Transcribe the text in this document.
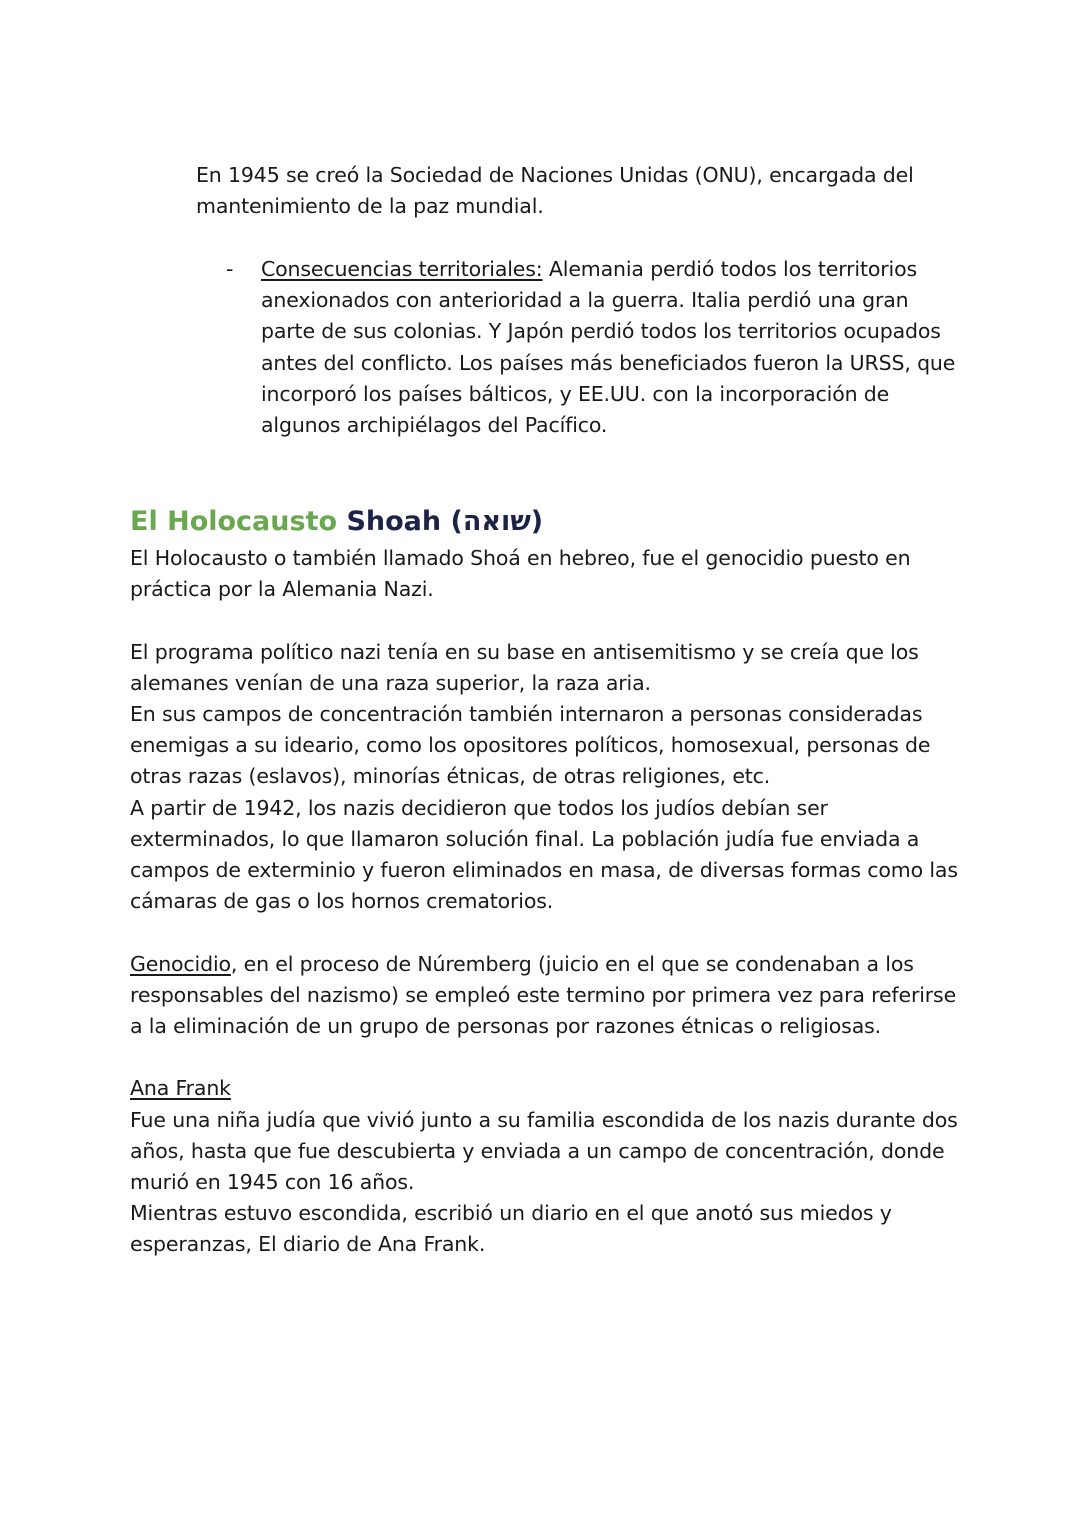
En 1945 se creó la Sociedad de Naciones Unidas (ONU), encargada del mantenimiento de la paz mundial.

- Consecuencias territoriales: Alemania perdió todos los territorios anexionados con anterioridad a la guerra. Italia perdió una gran parte de sus colonias. Y Japón perdió todos los territorios ocupados antes del conflicto. Los países más beneficiados fueron la URSS, que incorporó los países bálticos, y EE.UU. con la incorporación de algunos archipiélagos del Pacífico.

El Holocausto Shoah (שואה)

El Holocausto o también llamado Shoá en hebreo, fue el genocidio puesto en práctica por la Alemania Nazi.

El programa político nazi tenía en su base en antisemitismo y se creía que los alemanes venían de una raza superior, la raza aria.

En sus campos de concentración también internaron a personas consideradas enemigas a su ideario, como los opositores políticos, homosexual, personas de otras razas (eslavos), minorías étnicas, de otras religiones, etc.

A partir de 1942, los nazis decidieron que todos los judíos debían ser exterminados, lo que llamaron solución final. La población judía fue enviada a campos de exterminio y fueron eliminados en masa, de diversas formas como las cámaras de gas o los hornos crematorios.

Genocidio, en el proceso de Núremberg (juicio en el que se condenaban a los responsables del nazismo) se empleó este termino por primera vez para referirse a la eliminación de un grupo de personas por razones étnicas o religiosas.

Ana Frank

Fue una niña judía que vivió junto a su familia escondida de los nazis durante dos años, hasta que fue descubierta y enviada a un campo de concentración, donde murió en 1945 con 16 años.

Mientras estuvo escondida, escribió un diario en el que anotó sus miedos y esperanzas, El diario de Ana Frank.
